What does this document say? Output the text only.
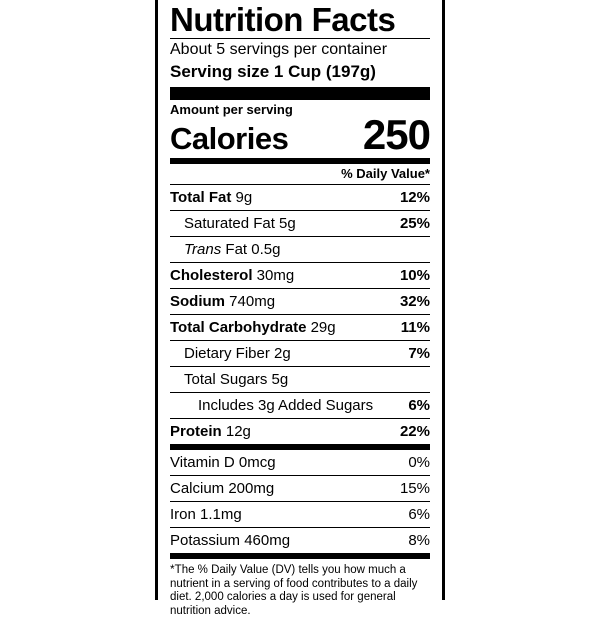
Nutrition Facts
About 5 servings per container
Serving size 1 Cup (197g)
Amount per serving
Calories 250
% Daily Value*
Total Fat 9g	12%
Saturated Fat 5g	25%
Trans Fat 0.5g
Cholesterol 30mg	10%
Sodium 740mg	32%
Total Carbohydrate 29g	11%
Dietary Fiber 2g	7%
Total Sugars 5g
Includes 3g Added Sugars 6%
Protein 12g	22%
Vitamin D 0mcg	0%
Calcium 200mg	15%
Iron 1.1mg	6%
Potassium 460mg	8%
*The % Daily Value (DV) tells you how much a nutrient in a serving of food contributes to a daily diet. 2,000 calories a day is used for general nutrition advice.
